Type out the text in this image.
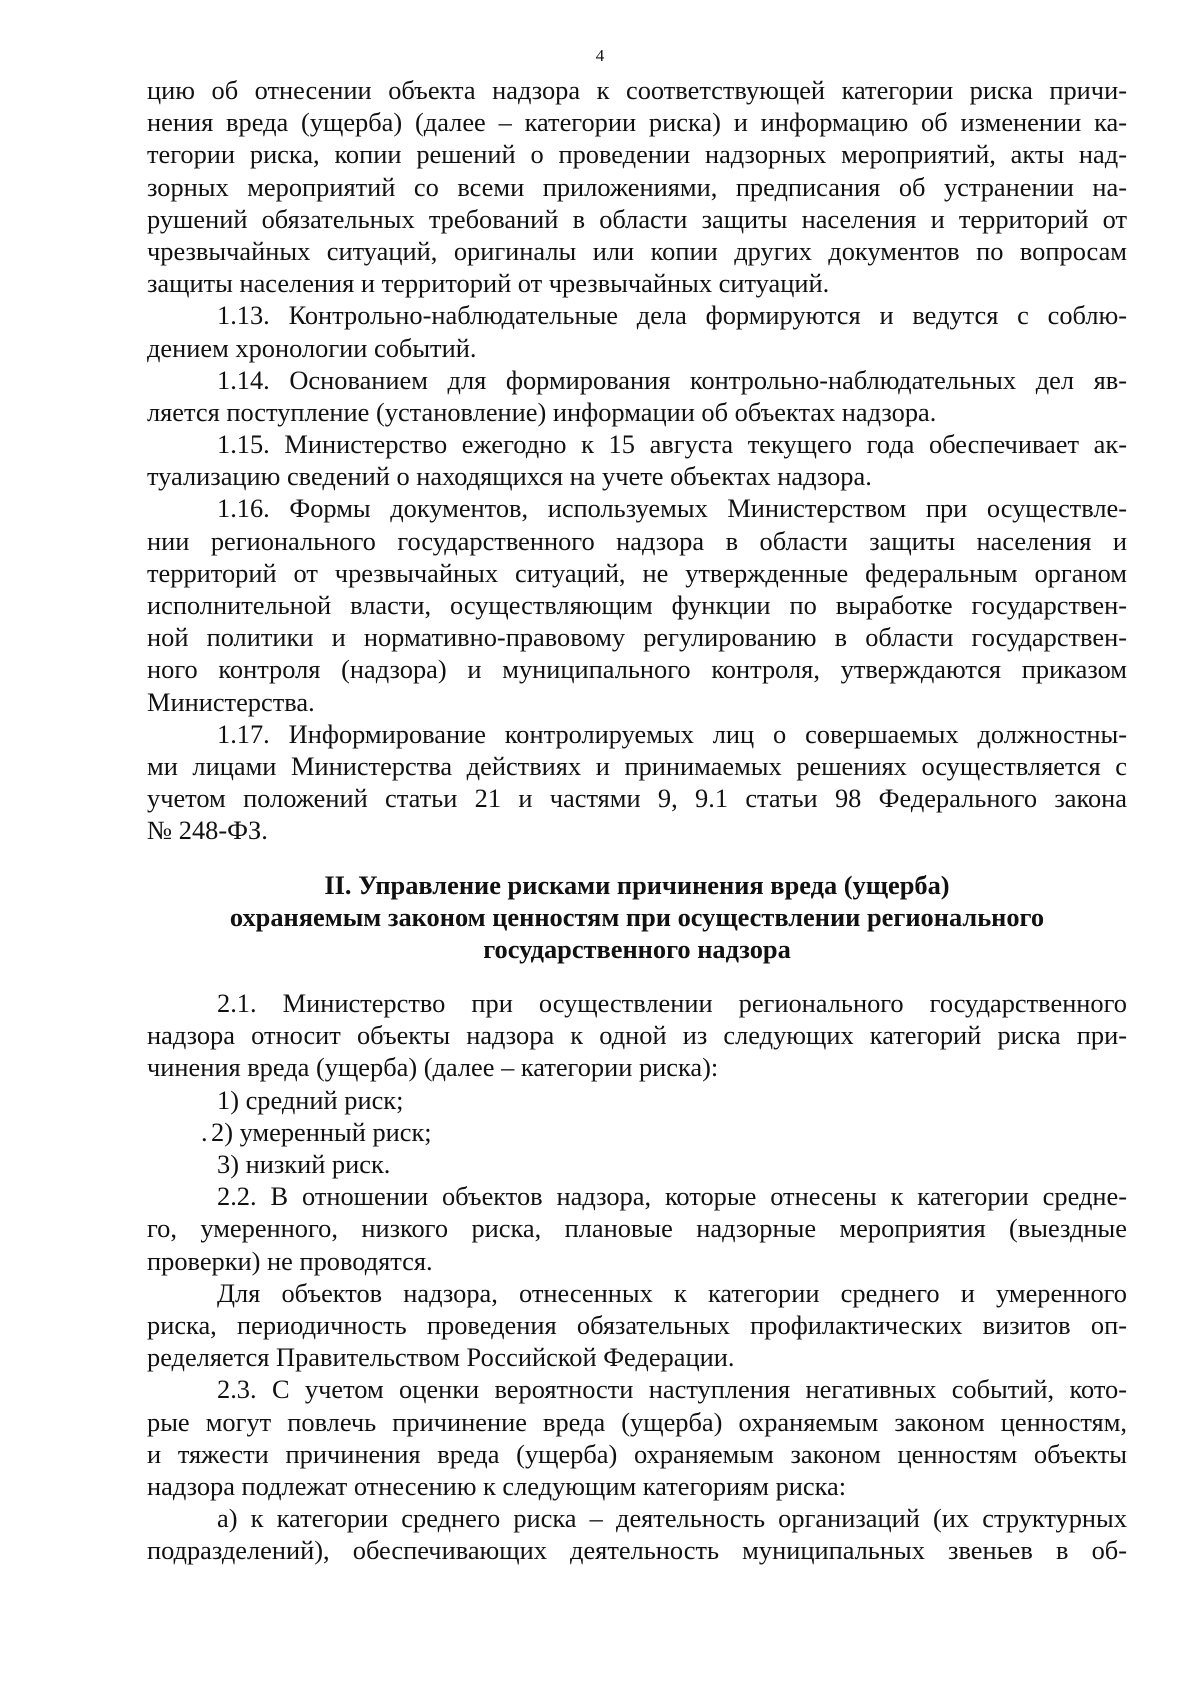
4
цию об отнесении объекта надзора к соответствующей категории риска причи-
нения вреда (ущерба) (далее – категории риска) и информацию об изменении ка-
тегории риска, копии решений о проведении надзорных мероприятий, акты над-
зорных мероприятий со всеми приложениями, предписания об устранении на-
рушений обязательных требований в области защиты населения и территорий от
чрезвычайных ситуаций, оригиналы или копии других документов по вопросам
защиты населения и территорий от чрезвычайных ситуаций.
1.13. Контрольно-наблюдательные дела формируются и ведутся с соблю-
дением хронологии событий.
1.14. Основанием для формирования контрольно-наблюдательных дел яв-
ляется поступление (установление) информации об объектах надзора.
1.15. Министерство ежегодно к 15 августа текущего года обеспечивает ак-
туализацию сведений о находящихся на учете объектах надзора.
1.16. Формы документов, используемых Министерством при осуществле-
нии регионального государственного надзора в области защиты населения и
территорий от чрезвычайных ситуаций, не утвержденные федеральным органом
исполнительной власти, осуществляющим функции по выработке государствен-
ной политики и нормативно-правовому регулированию в области государствен-
ного контроля (надзора) и муниципального контроля, утверждаются приказом
Министерства.
1.17. Информирование контролируемых лиц о совершаемых должностны-
ми лицами Министерства действиях и принимаемых решениях осуществляется с
учетом положений статьи 21 и частями 9, 9.1 статьи 98 Федерального закона
№ 248-ФЗ.
II. Управление рисками причинения вреда (ущерба)
охраняемым законом ценностям при осуществлении регионального
государственного надзора
2.1. Министерство при осуществлении регионального государственного
надзора относит объекты надзора к одной из следующих категорий риска при-
чинения вреда (ущерба) (далее – категории риска):
1) средний риск;
. 2) умеренный риск;
3) низкий риск.
2.2. В отношении объектов надзора, которые отнесены к категории средне-
го, умеренного, низкого риска, плановые надзорные мероприятия (выездные
проверки) не проводятся.
Для объектов надзора, отнесенных к категории среднего и умеренного
риска, периодичность проведения обязательных профилактических визитов оп-
ределяется Правительством Российской Федерации.
2.3. С учетом оценки вероятности наступления негативных событий, кото-
рые могут повлечь причинение вреда (ущерба) охраняемым законом ценностям,
и тяжести причинения вреда (ущерба) охраняемым законом ценностям объекты
надзора подлежат отнесению к следующим категориям риска:
а) к категории среднего риска – деятельность организаций (их структурных
подразделений), обеспечивающих деятельность муниципальных звеньев в об-
